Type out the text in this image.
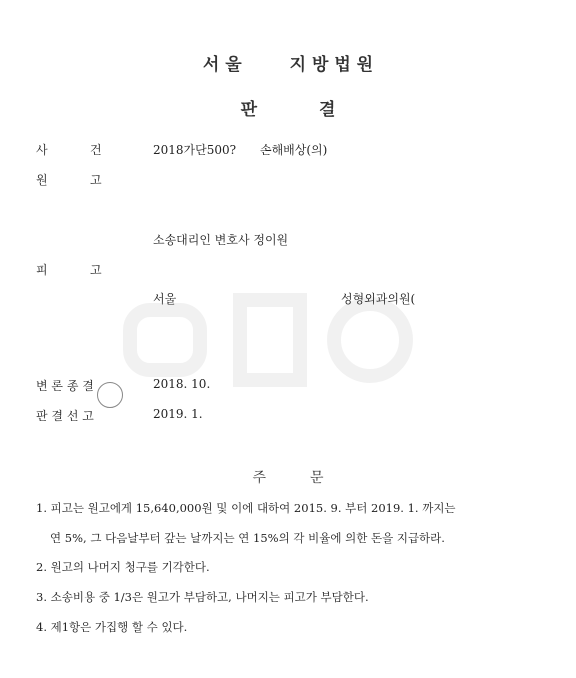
서 울	지 방 법 원
판	결
사	건	2018가단500? 손해배상(의)
원	고
소송대리인 변호사 정이원
피	고
서울	성형외과의원(
변 론 종 결	2018. 10.
판 결 선 고	2019. 1.
주	문
1. 피고는 원고에게 15,640,000원 및 이에 대하여 2015. 9. 부터 2019. 1. 까지는
연 5%, 그 다음날부터 갚는 날까지는 연 15%의 각 비율에 의한 돈을 지급하라.
2. 원고의 나머지 청구를 기각한다.
3. 소송비용 중 1/3은 원고가 부담하고, 나머지는 피고가 부담한다.
4. 제1항은 가집행 할 수 있다.
